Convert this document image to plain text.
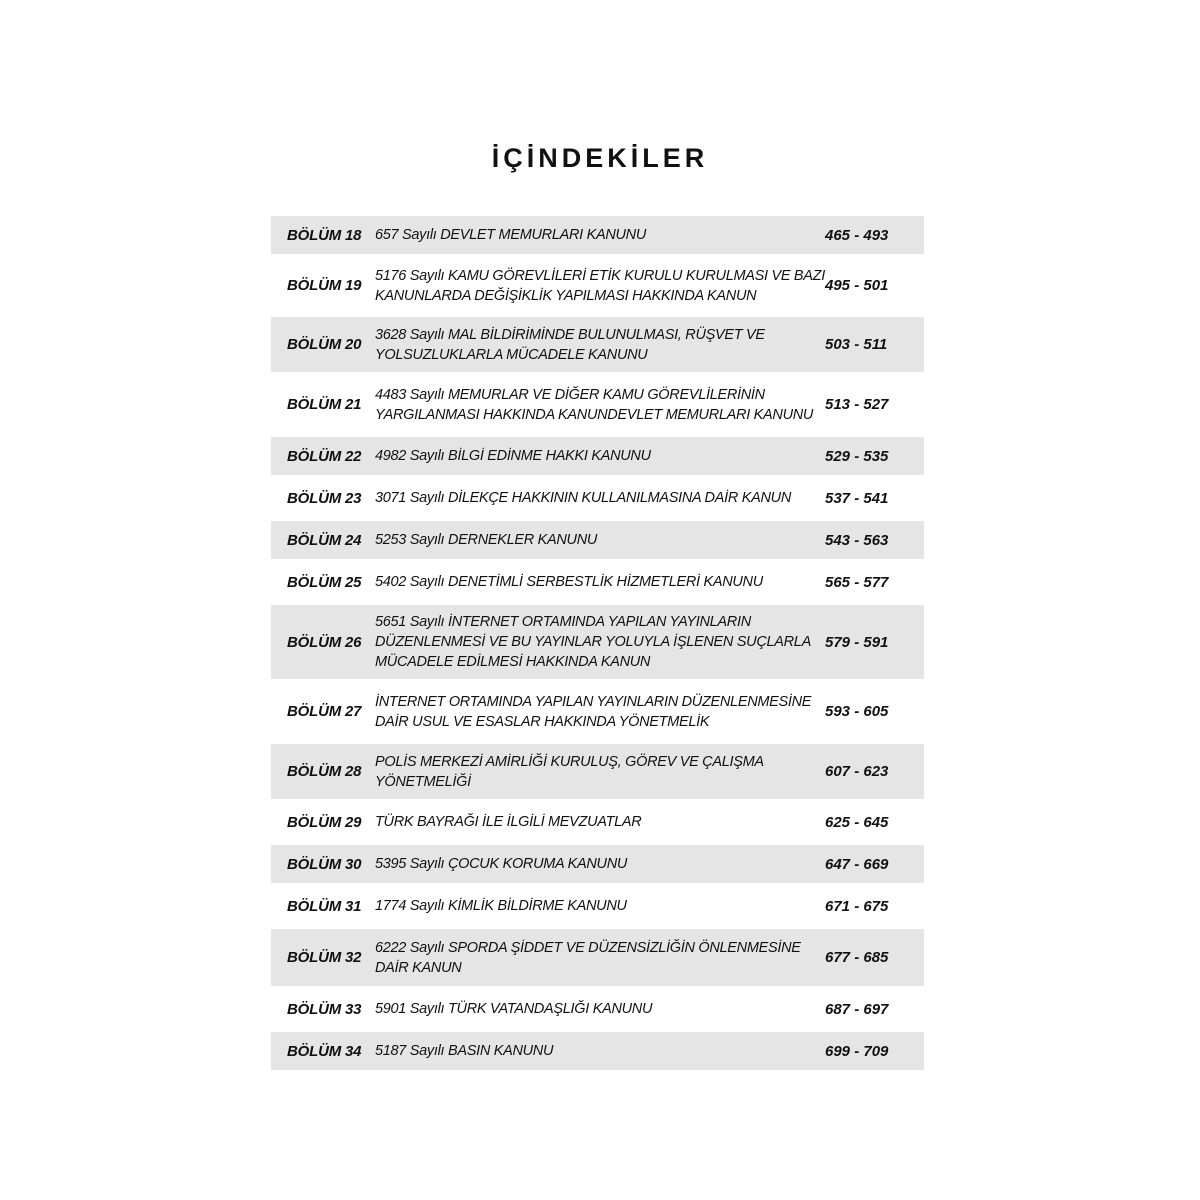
İÇİNDEKİLER
BÖLÜM 18 657 Sayılı DEVLET MEMURLARI KANUNU	465 - 493
BÖLÜM 19
5176 Sayılı KAMU GÖREVLİLERİ ETİK KURULU KURULMASI VE BAZI KANUNLARDA DEĞİŞİKLİK YAPILMASI HAKKINDA KANUN
495 - 501
BÖLÜM 20
3628 Sayılı MAL BİLDİRİMİNDE BULUNULMASI, RÜŞVET VE YOLSUZLUKLARLA MÜCADELE KANUNU
503 - 511
BÖLÜM 21
4483 Sayılı MEMURLAR VE DİĞER KAMU GÖREVLİLERİNİN YARGILANMASI HAKKINDA KANUNDEVLET MEMURLARI KANUNU
513 - 527
BÖLÜM 22 4982 Sayılı BİLGİ EDİNME HAKKI KANUNU	529 - 535
BÖLÜM 23 3071 Sayılı DİLEKÇE HAKKININ KULLANILMASINA DAİR KANUN	537 - 541
BÖLÜM 24 5253 Sayılı DERNEKLER KANUNU	543 - 563
BÖLÜM 25 5402 Sayılı DENETİMLİ SERBESTLİK HİZMETLERİ KANUNU	565 - 577
BÖLÜM 26
5651 Sayılı İNTERNET ORTAMINDA YAPILAN YAYINLARIN DÜZENLENMESİ VE BU YAYINLAR YOLUYLA İŞLENEN SUÇLARLA MÜCADELE EDİLMESİ HAKKINDA KANUN
579 - 591
BÖLÜM 27
İNTERNET ORTAMINDA YAPILAN YAYINLARIN DÜZENLENMESİNE DAİR USUL VE ESASLAR HAKKINDA YÖNETMELİK
593 - 605
BÖLÜM 28
POLİS MERKEZİ AMİRLİĞİ KURULUŞ, GÖREV VE ÇALIŞMA YÖNETMELİĞİ
607 - 623
BÖLÜM 29 TÜRK BAYRAĞI İLE İLGİLİ MEVZUATLAR	625 - 645
BÖLÜM 30 5395 Sayılı ÇOCUK KORUMA KANUNU	647 - 669
BÖLÜM 31 1774 Sayılı KİMLİK BİLDİRME KANUNU	671 - 675
BÖLÜM 32
6222 Sayılı SPORDA ŞİDDET VE DÜZENSİZLİĞİN ÖNLENMESİNE DAİR KANUN
677 - 685
BÖLÜM 33 5901 Sayılı TÜRK VATANDAŞLIĞI KANUNU	687 - 697
BÖLÜM 34 5187 Sayılı BASIN KANUNU	699 - 709
